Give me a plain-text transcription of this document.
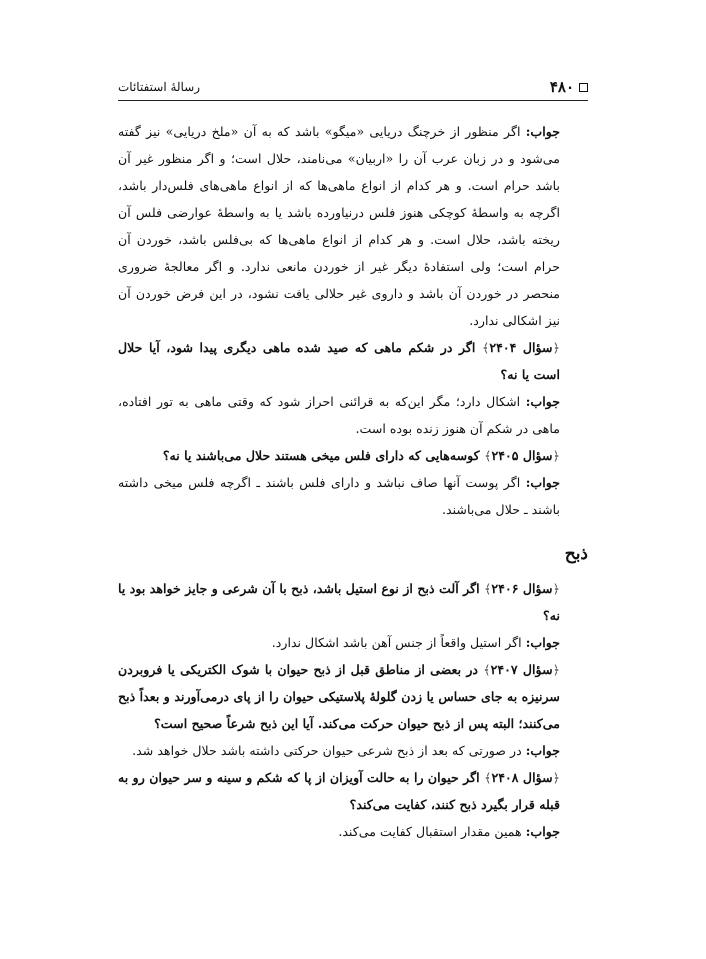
۴۸۰
رسالۀ استفتائات

جواب: اگر منظور از خرچنگ دریایی «میگو» باشد که به آن «ملخ دریایی» نیز گفته می‌شود و در زبان عرب آن را «اربیان» می‌نامند، حلال است؛ و اگر منظور غیر آن باشد حرام است. و هر کدام از انواع ماهی‌ها که از انواع ماهی‌های فلس‌دار باشد، اگرچه به واسطۀ کوچکی هنوز فلس درنیاورده باشد یا به واسطۀ عوارضی فلس آن ریخته باشد، حلال است. و هر کدام از انواع ماهی‌ها که بی‌فلس باشد، خوردن آن حرام است؛ ولی استفادۀ دیگر غیر از خوردن مانعی ندارد. و اگر معالجۀ ضروری منحصر در خوردن آن باشد و داروی غیر حلالی یافت نشود، در این فرض خوردن آن نیز اشکالی ندارد.

﴿سؤال ۲۴۰۴﴾ اگر در شکم ماهی که صید شده ماهی دیگری پیدا شود، آیا حلال است یا نه؟

جواب: اشکال دارد؛ مگر این‌که به قرائنی احراز شود که وقتی ماهی به تور افتاده، ماهی در شکم آن هنوز زنده بوده است.

﴿سؤال ۲۴۰۵﴾ کوسه‌هایی که دارای فلس میخی هستند حلال می‌باشند یا نه؟

جواب: اگر پوست آنها صاف نباشد و دارای فلس باشند ـ اگرچه فلس میخی داشته باشند ـ حلال می‌باشند.

ذبح

﴿سؤال ۲۴۰۶﴾ اگر آلت ذبح از نوع استیل باشد، ذبح با آن شرعی و جایز خواهد بود یا نه؟

جواب: اگر استیل واقعاً از جنس آهن باشد اشکال ندارد.

﴿سؤال ۲۴۰۷﴾ در بعضی از مناطق قبل از ذبح حیوان با شوک الکتریکی یا فروبردن سرنیزه به جای حساس یا زدن گلولۀ پلاستیکی حیوان را از پای درمی‌آورند و بعداً ذبح می‌کنند؛ البته پس از ذبح حیوان حرکت می‌کند. آیا این ذبح شرعاً صحیح است؟

جواب: در صورتی که بعد از ذبح شرعی حیوان حرکتی داشته باشد حلال خواهد شد.

﴿سؤال ۲۴۰۸﴾ اگر حیوان را به حالت آویزان از پا که شکم و سینه و سر حیوان رو به قبله قرار بگیرد ذبح کنند، کفایت می‌کند؟

جواب: همین مقدار استقبال کفایت می‌کند.
